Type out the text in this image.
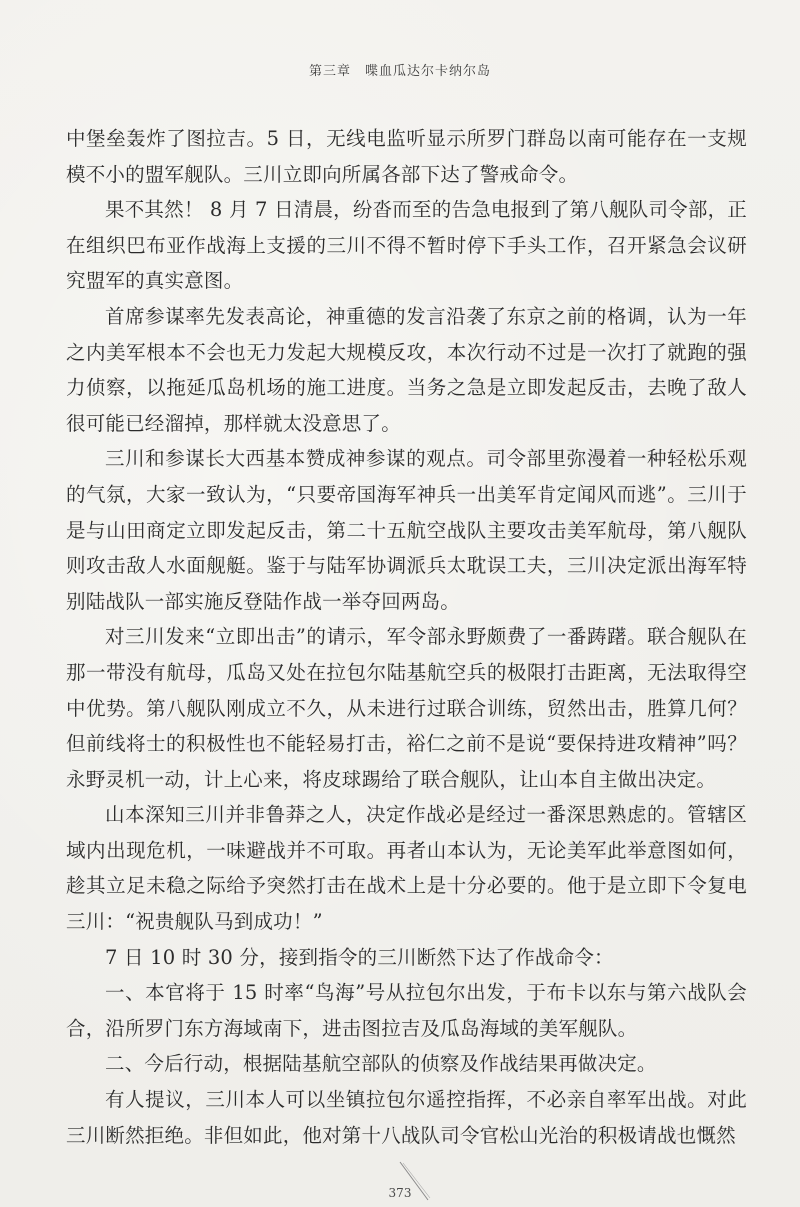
第三章　喋血瓜达尔卡纳尔岛

中堡垒轰炸了图拉吉。5 日，无线电监听显示所罗门群岛以南可能存在一支规模不小的盟军舰队。三川立即向所属各部下达了警戒命令。

果不其然！ 8 月 7 日清晨，纷沓而至的告急电报到了第八舰队司令部，正在组织巴布亚作战海上支援的三川不得不暂时停下手头工作，召开紧急会议研究盟军的真实意图。

首席参谋率先发表高论，神重德的发言沿袭了东京之前的格调，认为一年之内美军根本不会也无力发起大规模反攻，本次行动不过是一次打了就跑的强力侦察，以拖延瓜岛机场的施工进度。当务之急是立即发起反击，去晚了敌人很可能已经溜掉，那样就太没意思了。

三川和参谋长大西基本赞成神参谋的观点。司令部里弥漫着一种轻松乐观的气氛，大家一致认为，“只要帝国海军神兵一出美军肯定闻风而逃”。三川于是与山田商定立即发起反击，第二十五航空战队主要攻击美军航母，第八舰队则攻击敌人水面舰艇。鉴于与陆军协调派兵太耽误工夫，三川决定派出海军特别陆战队一部实施反登陆作战一举夺回两岛。

对三川发来“立即出击”的请示，军令部永野颇费了一番踌躇。联合舰队在那一带没有航母，瓜岛又处在拉包尔陆基航空兵的极限打击距离，无法取得空中优势。第八舰队刚成立不久，从未进行过联合训练，贸然出击，胜算几何？但前线将士的积极性也不能轻易打击，裕仁之前不是说“要保持进攻精神”吗？永野灵机一动，计上心来，将皮球踢给了联合舰队，让山本自主做出决定。

山本深知三川并非鲁莽之人，决定作战必是经过一番深思熟虑的。管辖区域内出现危机，一味避战并不可取。再者山本认为，无论美军此举意图如何，趁其立足未稳之际给予突然打击在战术上是十分必要的。他于是立即下令复电三川：“祝贵舰队马到成功！”

7 日 10 时 30 分，接到指令的三川断然下达了作战命令：

一、本官将于 15 时率“鸟海”号从拉包尔出发，于布卡以东与第六战队会合，沿所罗门东方海域南下，进击图拉吉及瓜岛海域的美军舰队。

二、今后行动，根据陆基航空部队的侦察及作战结果再做决定。

有人提议，三川本人可以坐镇拉包尔遥控指挥，不必亲自率军出战。对此三川断然拒绝。非但如此，他对第十八战队司令官松山光治的积极请战也慨然

373
